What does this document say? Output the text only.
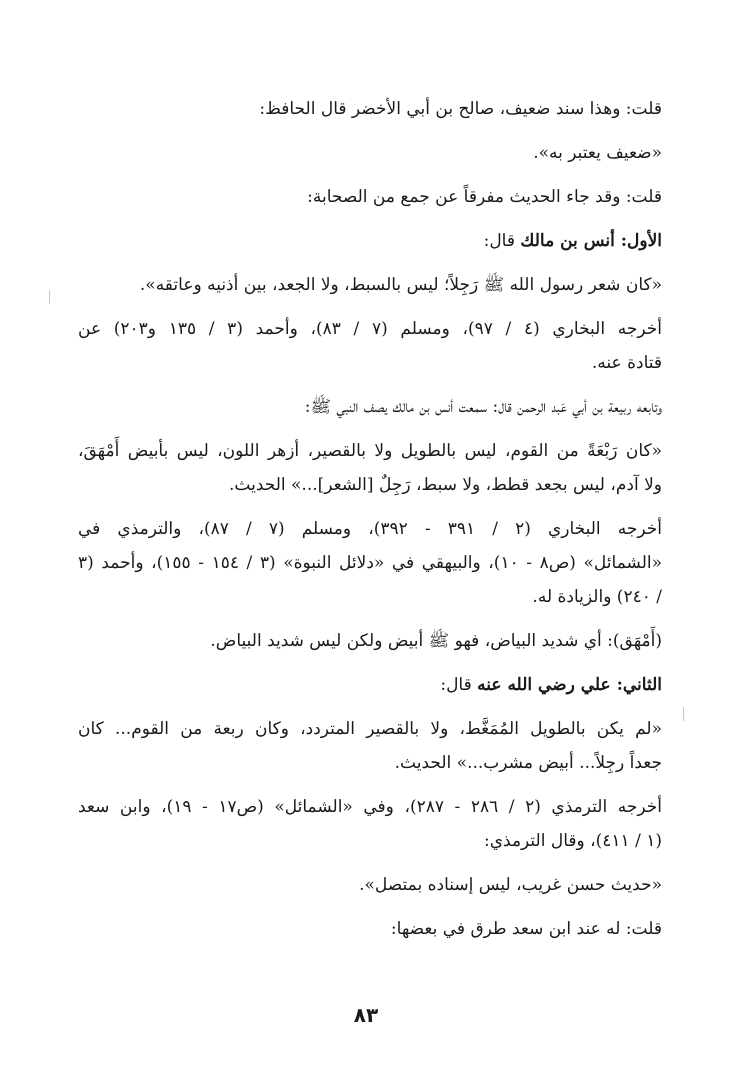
قلت: وهذا سند ضعيف، صالح بن أبي الأخضر قال الحافظ:
«ضعيف يعتبر به».
قلت: وقد جاء الحديث مفرقاً عن جمع من الصحابة:
الأول: أنس بن مالك قال:
«كان شعر رسول الله ﷺ رَجِلاً؛ ليس بالسبط، ولا الجعد، بين أذنيه وعاتقه».
أخرجه البخاري (٤ / ٩٧)، ومسلم (٧ / ٨٣)، وأحمد (٣ / ١٣٥ و٢٠٣) عن
قتادة عنه.
وتابعه ربيعة بن أبي عَبد الرحمن قال: سمعت أنس بن مالك يصف النبي ﷺ:
«كان رَبْعَةً من القوم، ليس بالطويل ولا بالقصير، أزهر اللون، ليس بأبيض أَمْهَقَ،
ولا آدم، ليس بجعد قطط، ولا سبط، رَجِلٌ [الشعر]...» الحديث.
أخرجه البخاري (٢ / ٣٩١ - ٣٩٢)، ومسلم (٧ / ٨٧)، والترمذي في
«الشمائل» (ص٨ - ١٠)، والبيهقي في «دلائل النبوة» (٣ / ١٥٤ - ١٥٥)، وأحمد (٣
/ ٢٤٠) والزيادة له.
(أَمْهَق): أي شديد البياض، فهو ﷺ أبيض ولكن ليس شديد البياض.
الثاني: علي رضي الله عنه قال:
«لم يكن بالطويل المُمَغَّط، ولا بالقصير المتردد، وكان ربعة من القوم... كان
جعداً رجِلاً... أبيض مشرب...» الحديث.
أخرجه الترمذي (٢ / ٢٨٦ - ٢٨٧)، وفي «الشمائل» (ص١٧ - ١٩)، وابن سعد
(١ / ٤١١)، وقال الترمذي:
«حديث حسن غريب، ليس إسناده بمتصل».
قلت: له عند ابن سعد طرق في بعضها:
٨٣
